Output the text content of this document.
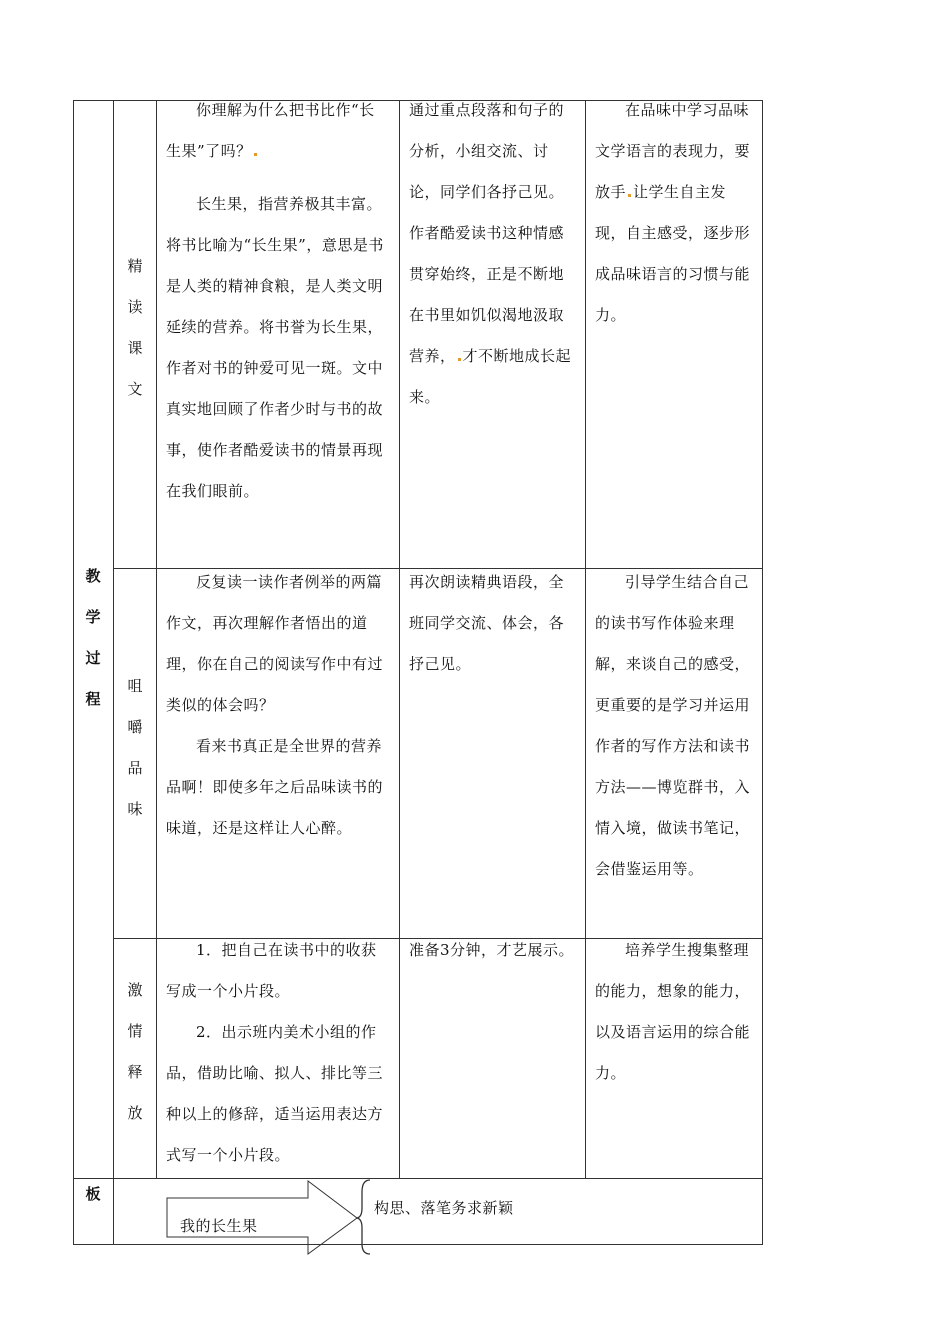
教
学
过
程
板
精
读
课
文

你理解为什么把书比作“长生果”了吗？

长生果，指营养极其丰富。将书比喻为“长生果”，意思是书是人类的精神食粮，是人类文明延续的营养。将书誉为长生果，作者对书的钟爱可见一斑。文中真实地回顾了作者少时与书的故事，使作者酷爱读书的情景再现在我们眼前。

通过重点段落和句子的分析，小组交流、讨论，同学们各抒己见。作者酷爱读书这种情感贯穿始终，正是不断地在书里如饥似渴地汲取营养， 才不断地成长起来。

在品味中学习品味文学语言的表现力，要放手 让学生自主发现，自主感受，逐步形成品味语言的习惯与能力。

咀
嚼
品
味

反复读一读作者例举的两篇作文，再次理解作者悟出的道理，你在自己的阅读写作中有过类似的体会吗？

看来书真正是全世界的营养品啊！即使多年之后品味读书的味道，还是这样让人心醉。

再次朗读精典语段，全班同学交流、体会，各抒己见。

引导学生结合自己的读书写作体验来理解，来谈自己的感受，更重要的是学习并运用作者的写作方法和读书方法——博览群书，入情入境，做读书笔记，会借鉴运用等。

激
情
释
放

1．把自己在读书中的收获写成一个小片段。

2．出示班内美术小组的作品，借助比喻、拟人、排比等三种以上的修辞，适当运用表达方式写一个小片段。

准备3分钟，才艺展示。	培养学生搜集整理的能力，想象的能力，以及语言运用的综合能力。

我的长生果
构思、落笔务求新颖
